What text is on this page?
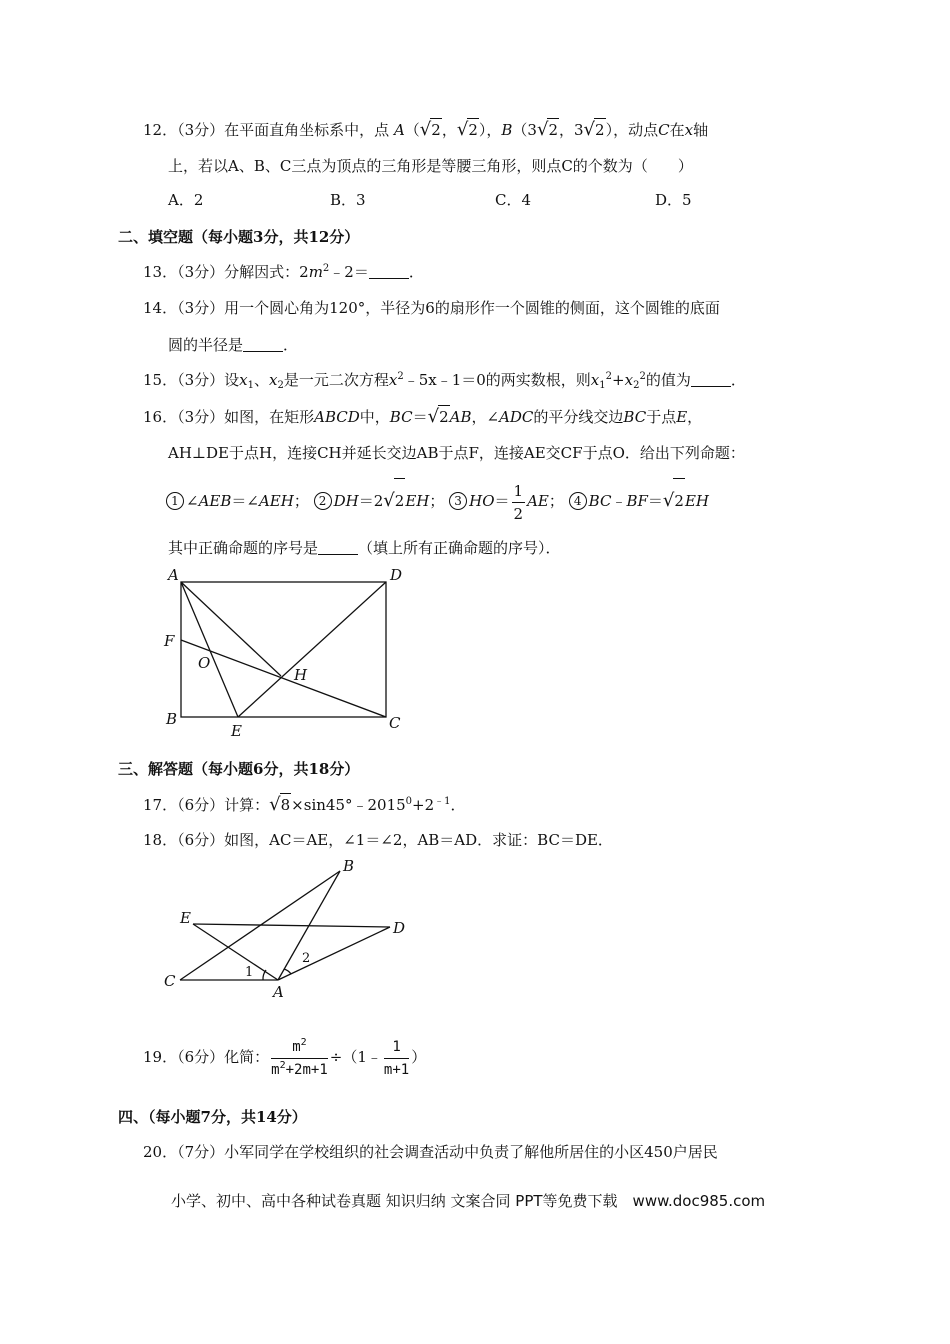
12．（3分）在平面直角坐标系中，点 A（√2，√2），B（3√2，3√2），动点C在x轴
上，若以A、B、C三点为顶点的三角形是等腰三角形，则点C的个数为（　　）
A．2	B．3	C．4	D．5
二、填空题（每小题3分，共12分）
13．（3分）分解因式：$2m^2﹣2=$	．
14．（3分）用一个圆心角为120°，半径为6的扇形作一个圆锥的侧面，这个圆锥的底面
圆的半径是	．
15．（3分）设$x_1$、$x_2$是一元二次方程$x^2﹣5x﹣1=0$的两实数根，则$x_1^2+x_2^2$的值为	．
16．（3分）如图，在矩形ABCD中，BC＝√2AB，∠ADC的平分线交边BC于点E，
AH⊥DE于点H，连接CH并延长交边AB于点F，连接AE交CF于点O．给出下列命题：
1 ∠AEB＝∠AEH； 2 DH＝2√2EH； 3 $HO= \frac{1}{2}$ AE； 4 BC﹣BF＝√2EH
其中正确命题的序号是	（填上所有正确命题的序号）．
A	D
F
O
H
B
E	C
三、解答题（每小题6分，共18分）
17．（6分）计算：$√8\times\sin 45^\circ﹣2015^0+2^{﹣1}$．
18．（6分）如图，AC＝AE，∠1＝∠2，AB＝AD．求证：BC＝DE．
B
E
D
2
1
C
A
19．（6分）化简： $\frac{m^2}{m^2+2m+1}$ ÷（1﹣ $\frac{1}{m+1}$ ）
四、（每小题7分，共14分）
20．（7分）小军同学在学校组织的社会调查活动中负责了解他所居住的小区450户居民
小学、初中、高中各种试卷真题 知识归纳 文案合同 PPT等免费下载　www.doc985.com
